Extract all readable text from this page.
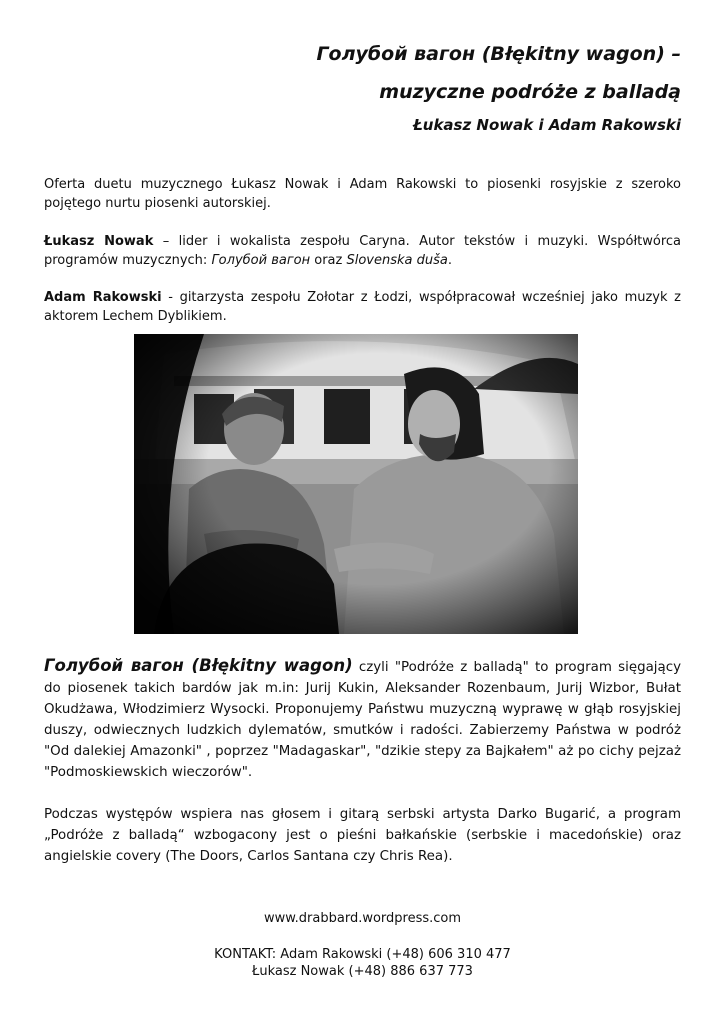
Голубой вагон (Błękitny wagon) –
muzyczne podróże z balladą
Łukasz Nowak i Adam Rakowski
Oferta duetu muzycznego Łukasz Nowak i Adam Rakowski to piosenki rosyjskie z szeroko pojętego nurtu piosenki autorskiej.
Łukasz Nowak – lider i wokalista zespołu Caryna. Autor tekstów i muzyki. Współtwórca programów muzycznych: Голубой вагон oraz Slovenska duša.
Adam Rakowski - gitarzysta zespołu Zołotar z Łodzi, współpracował wcześniej jako muzyk z aktorem Lechem Dyblikiem.
Голубой вагон (Błękitny wagon) czyli "Podróże z balladą" to program sięgający do piosenek takich bardów jak m.in: Jurij Kukin, Aleksander Rozenbaum, Jurij Wizbor, Bułat Okudżawa, Włodzimierz Wysocki. Proponujemy Państwu muzyczną wyprawę w głąb rosyjskiej duszy, odwiecznych ludzkich dylematów, smutków i radości. Zabierzemy Państwa w podróż "Od dalekiej Amazonki" , poprzez "Madagaskar", "dzikie stepy za Bajkałem" aż po cichy pejzaż "Podmoskiewskich wieczorów".
Podczas występów wspiera nas głosem i gitarą serbski artysta Darko Bugarić, a program „Podróże z balladą“ wzbogacony jest o pieśni bałkańskie (serbskie i macedońskie) oraz angielskie covery (The Doors, Carlos Santana czy Chris Rea).
www.drabbard.wordpress.com
KONTAKT: Adam Rakowski (+48) 606 310 477
Łukasz Nowak (+48) 886 637 773
